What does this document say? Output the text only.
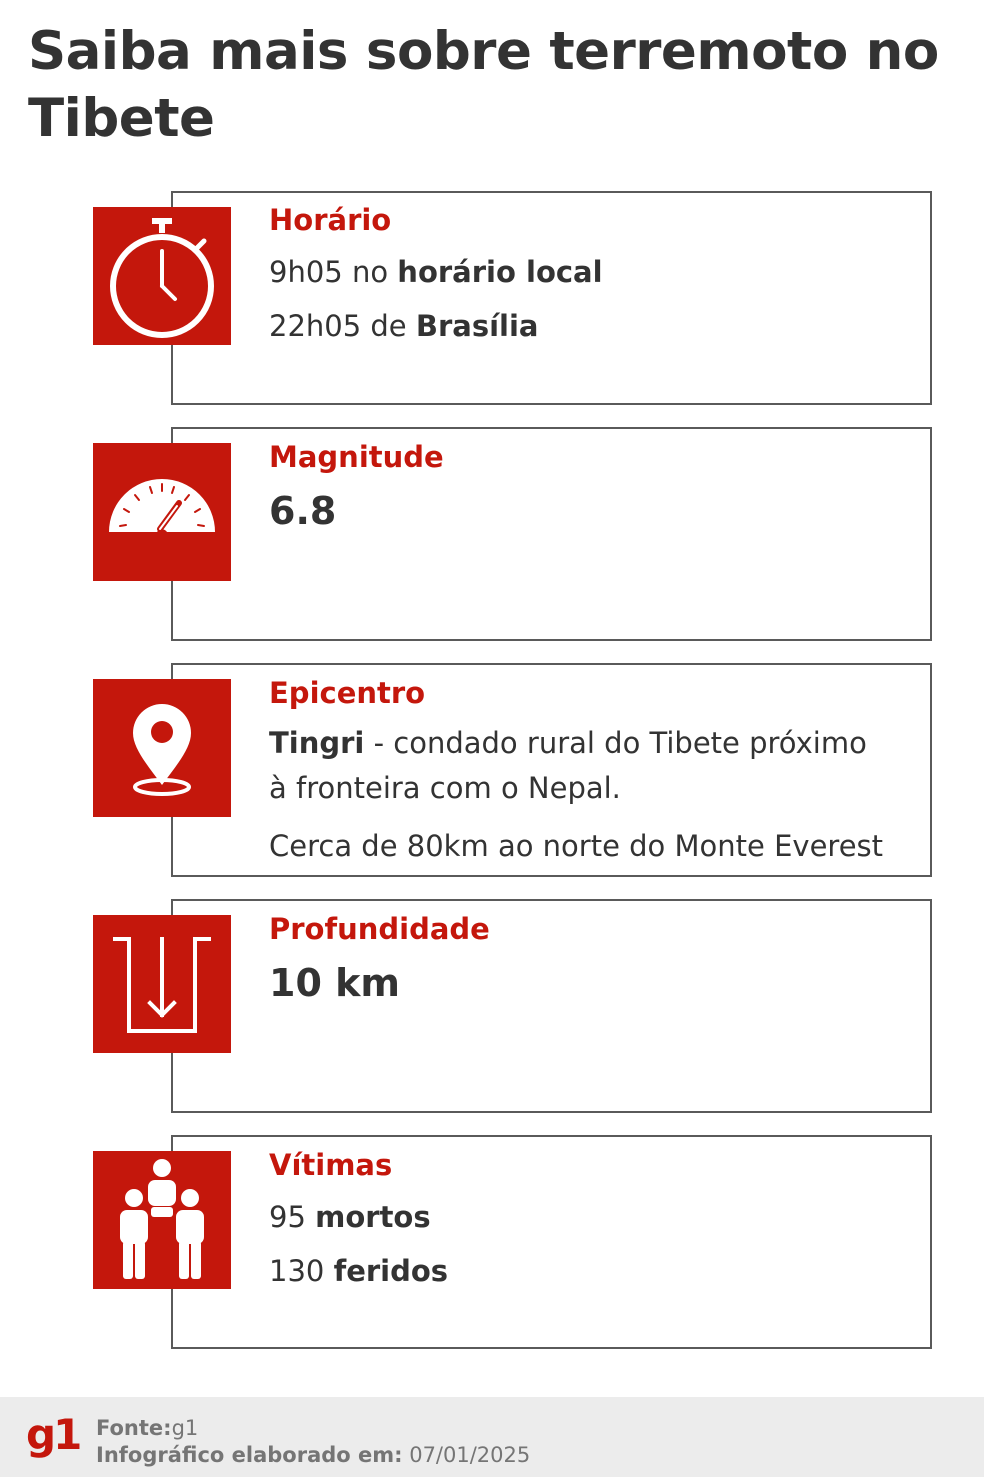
Saiba mais sobre terremoto no Tibete
Horário
9h05 no horário local
22h05 de Brasília
Magnitude
6.8
Epicentro
Tingri - condado rural do Tibete próximo
à fronteira com o Nepal.
Cerca de 80km ao norte do Monte Everest
Profundidade
10 km
Vítimas
95 mortos
130 feridos
g1 Fonte:g1
Infográfico elaborado em: 07/01/2025
